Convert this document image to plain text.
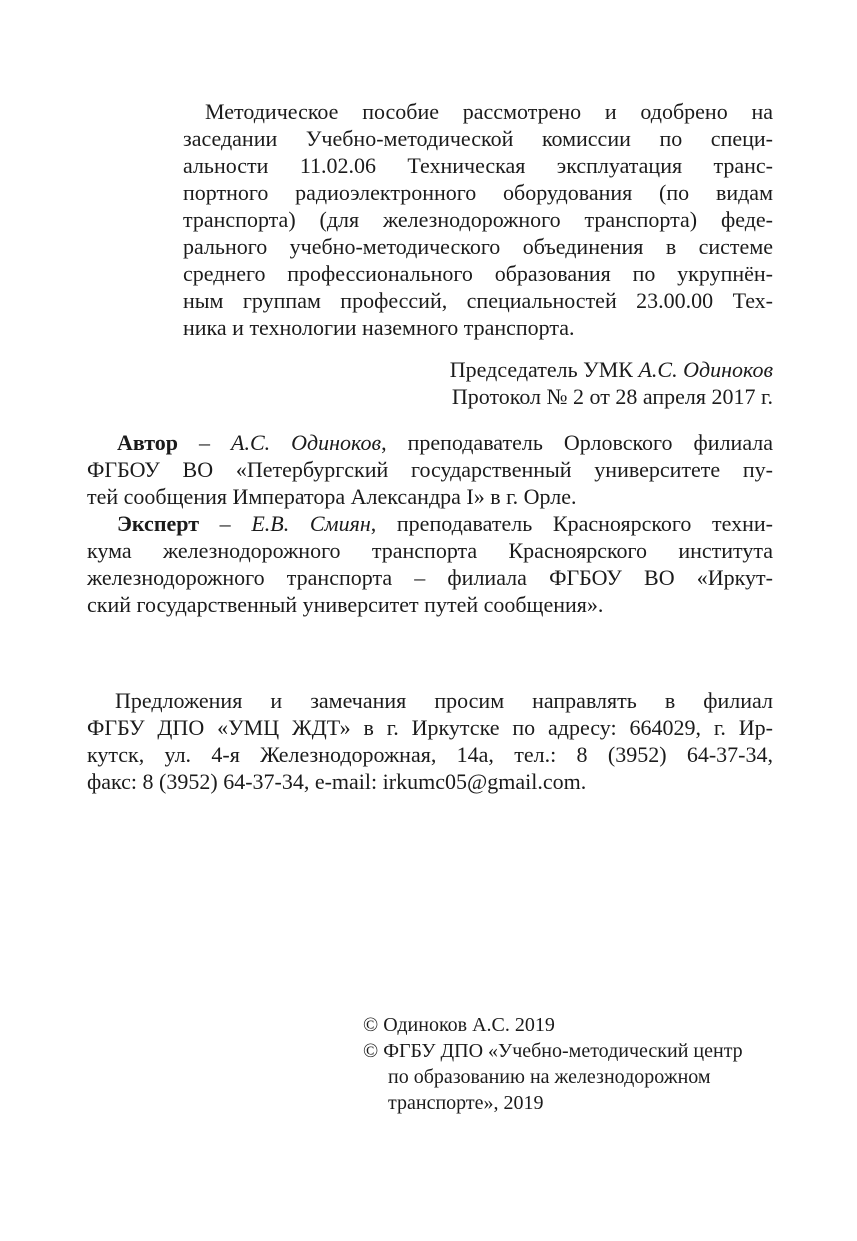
Методическое пособие рассмотрено и одобрено на
заседании Учебно-методической комиссии по специ-
альности 11.02.06 Техническая эксплуатация транс-
портного радиоэлектронного оборудования (по видам
транспорта) (для железнодорожного транспорта) феде-
рального учебно-методического объединения в системе
среднего профессионального образования по укрупнён-
ным группам профессий, специальностей 23.00.00 Тех-
ника и технологии наземного транспорта.
Председатель УМК А.С. Одиноков
Протокол № 2 от 28 апреля 2017 г.
Автор – А.С. Одиноков, преподаватель Орловского филиала
ФГБОУ ВО «Петербургский государственный университете пу-
тей сообщения Императора Александра I» в г. Орле.
Эксперт – Е.В. Смиян, преподаватель Красноярского техни-
кума железнодорожного транспорта Красноярского института
железнодорожного транспорта – филиала ФГБОУ ВО «Иркут-
ский государственный университет путей сообщения».
Предложения и замечания просим направлять в филиал
ФГБУ ДПО «УМЦ ЖДТ» в г. Иркутске по адресу: 664029, г. Ир-
кутск, ул. 4-я Железнодорожная, 14а, тел.: 8 (3952) 64-37-34,
факс: 8 (3952) 64-37-34, e-mail: irkumc05@gmail.com.
© Одиноков А.С. 2019
© ФГБУ ДПО «Учебно-методический центр
по образованию на железнодорожном
транспорте», 2019
